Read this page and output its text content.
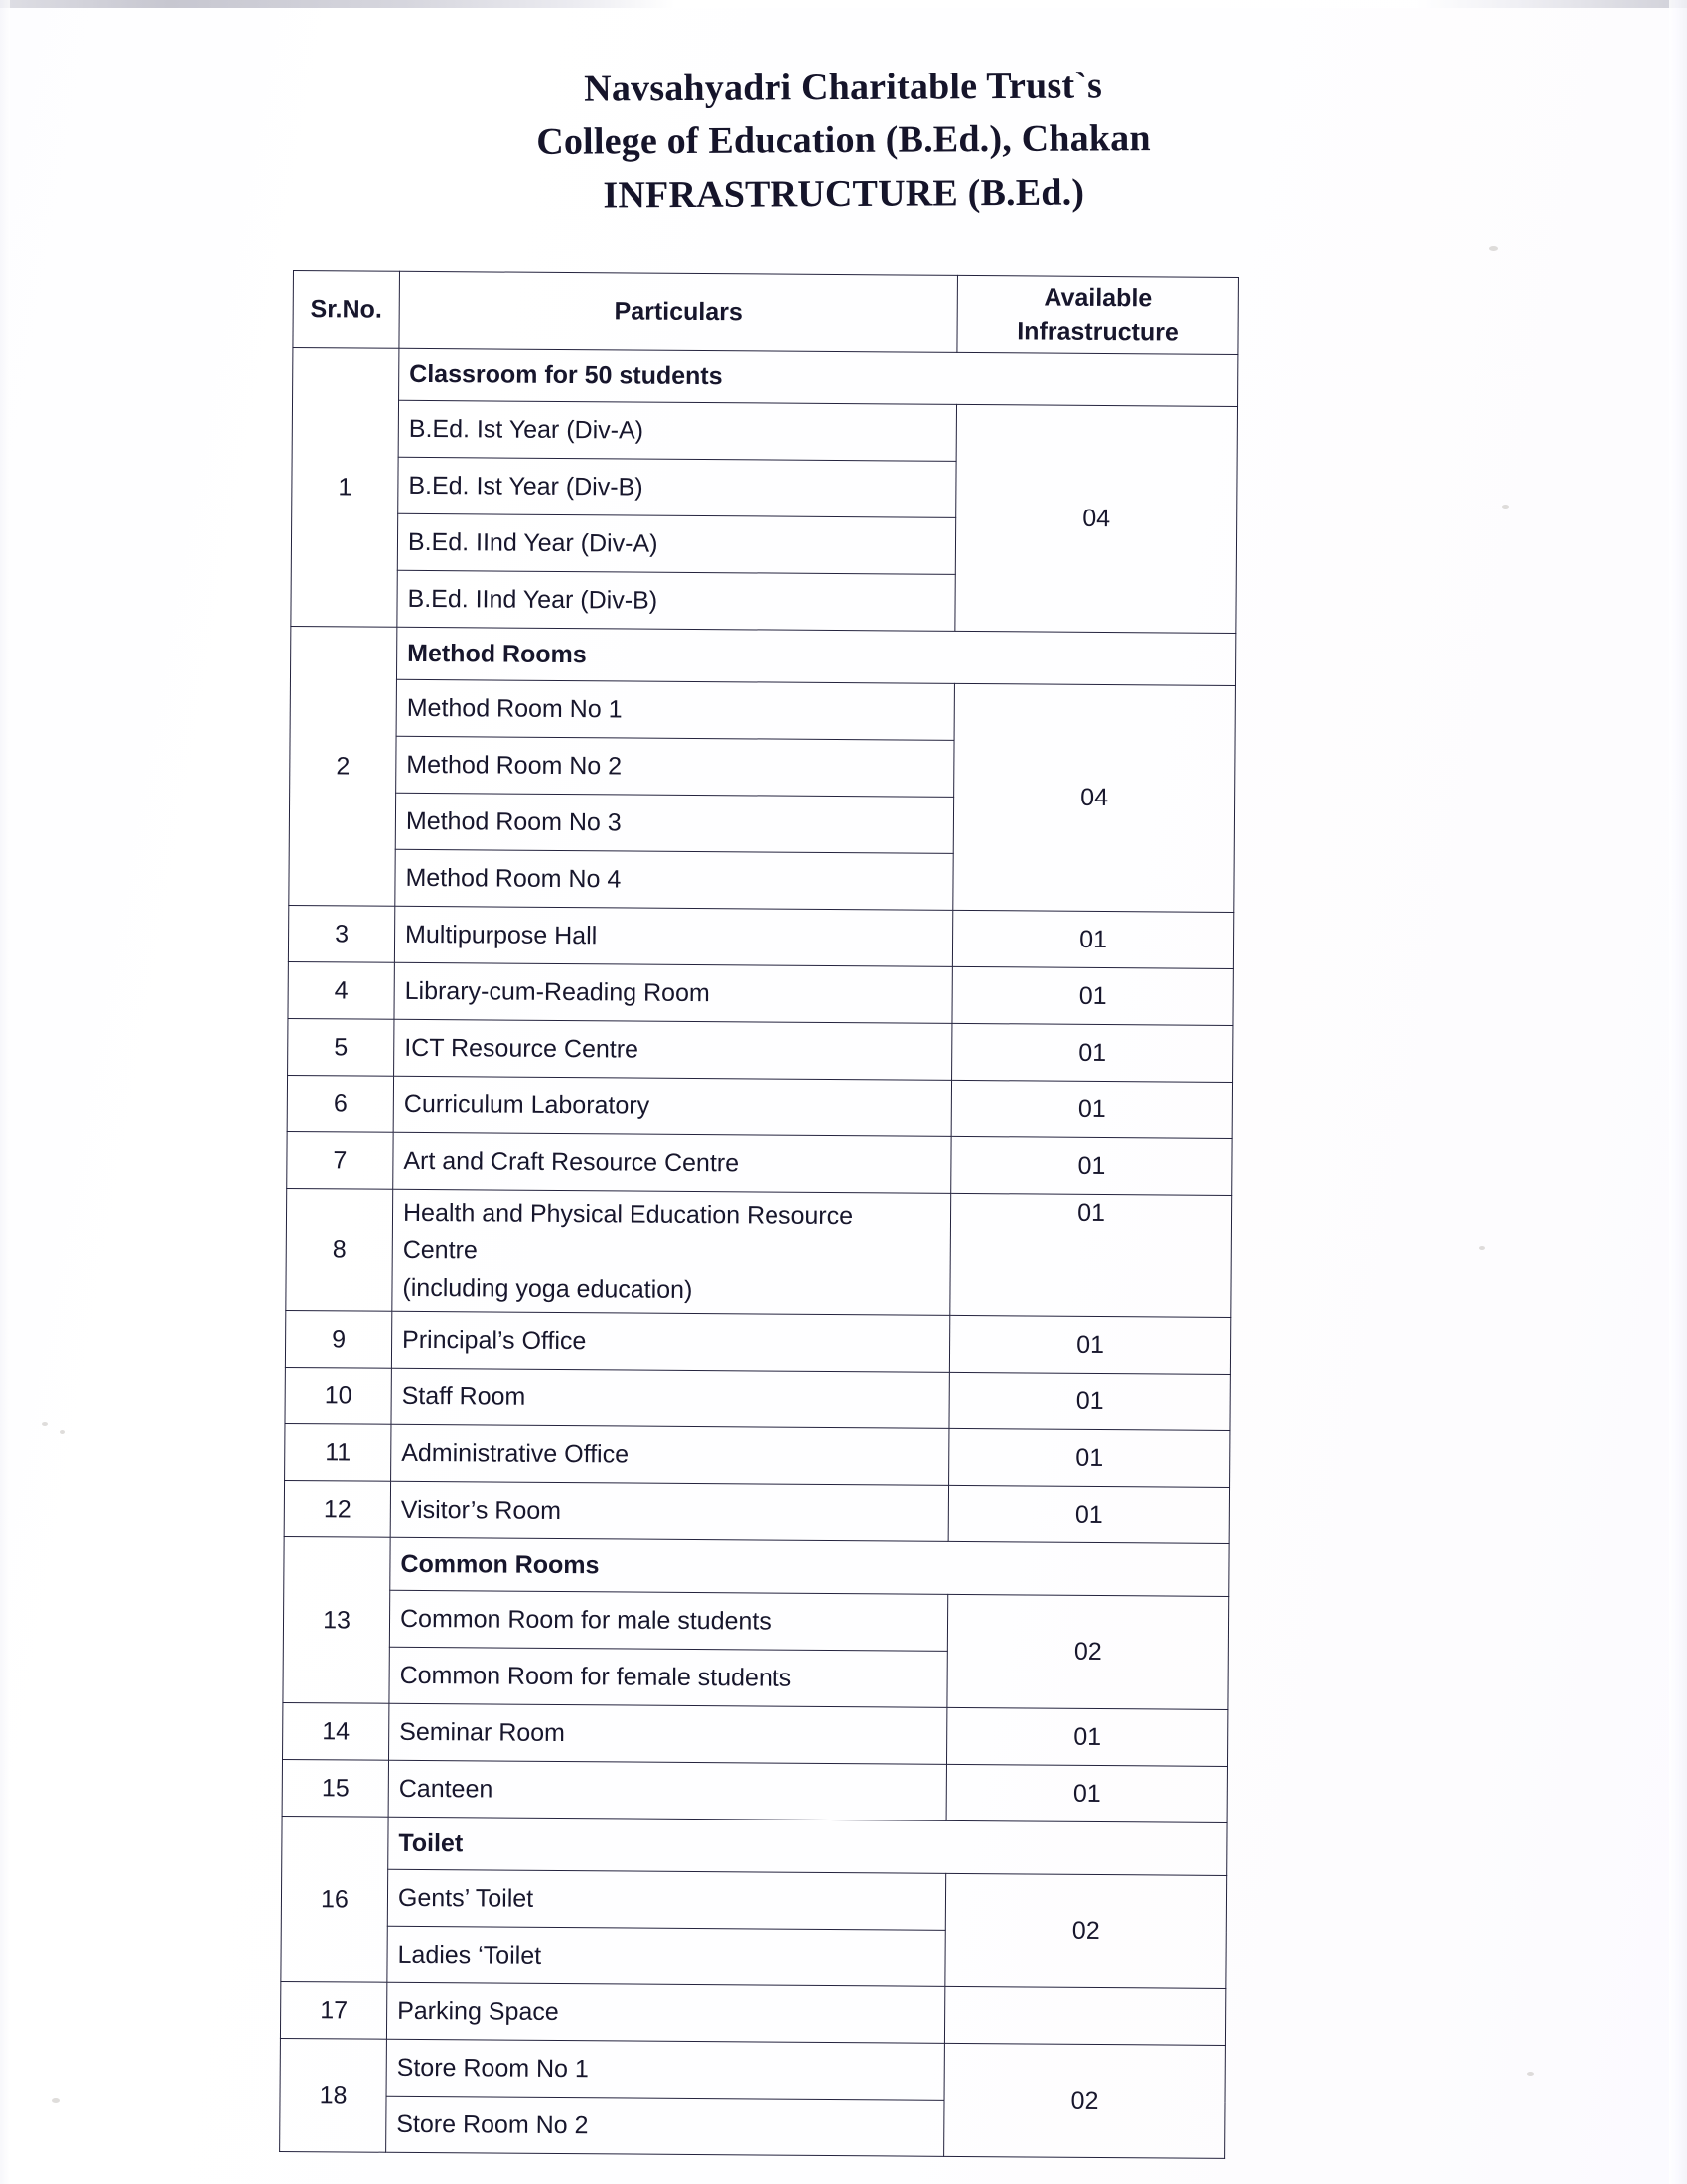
Navsahyadri Charitable Trust`s
College of Education (B.Ed.), Chakan
INFRASTRUCTURE (B.Ed.)
Sr.No.	Particulars	Available
Infrastructure

1	Classroom for 50 students	
	B.Ed. Ist Year (Div-A)	04
	B.Ed. Ist Year (Div-B)	
	B.Ed. IInd Year (Div-A)	
	B.Ed. IInd Year (Div-B)	
2	Method Rooms	
	Method Room No 1	04
	Method Room No 2	
	Method Room No 3	
	Method Room No 4	
3	Multipurpose Hall	01
4	Library-cum-Reading Room	01
5	ICT Resource Centre	01
6	Curriculum Laboratory	01
7	Art and Craft Resource Centre	01
8	Health and Physical Education Resource
Centre
(including yoga education)	01
9	Principal’s Office	01
10	Staff Room	01
11	Administrative Office	01
12	Visitor’s Room	01
13	Common Rooms	
	Common Room for male students	02
	Common Room for female students	
14	Seminar Room	01
15	Canteen	01
16	Toilet	
	Gents’ Toilet	02
	Ladies ‘Toilet	
17	Parking Space	
18	Store Room No 1	02
	Store Room No 2	
